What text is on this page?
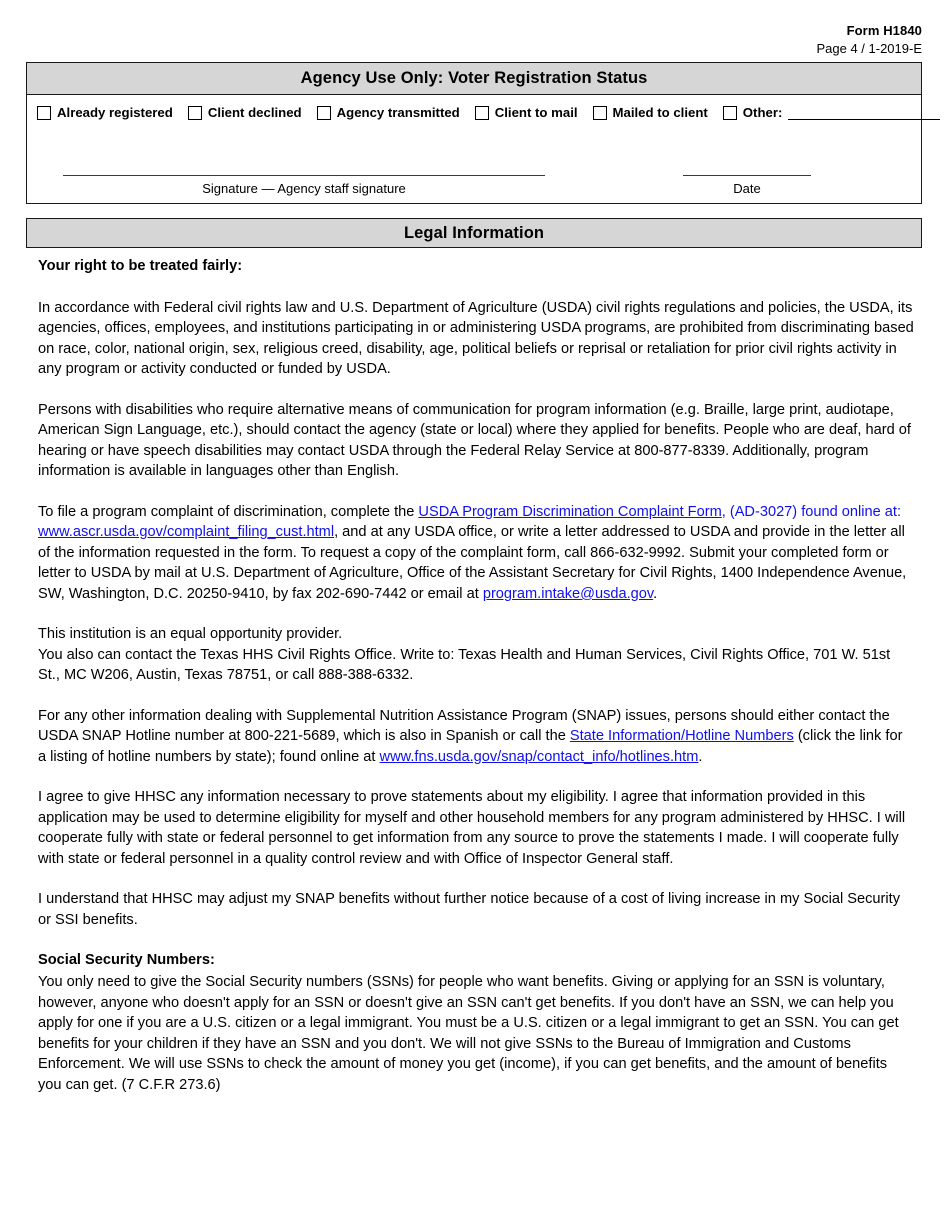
Form H1840
Page 4 / 1-2019-E
Agency Use Only: Voter Registration Status
Already registered	Client declined	Agency transmitted	Client to mail	Mailed to client	Other:
Signature — Agency staff signature	Date
Legal Information
Your right to be treated fairly:

In accordance with Federal civil rights law and U.S. Department of Agriculture (USDA) civil rights regulations and policies, the USDA, its agencies, offices, employees, and institutions participating in or administering USDA programs, are prohibited from discriminating based on race, color, national origin, sex, religious creed, disability, age, political beliefs or reprisal or retaliation for prior civil rights activity in any program or activity conducted or funded by USDA.

Persons with disabilities who require alternative means of communication for program information (e.g. Braille, large print, audiotape, American Sign Language, etc.), should contact the agency (state or local) where they applied for benefits. People who are deaf, hard of hearing or have speech disabilities may contact USDA through the Federal Relay Service at 800-877-8339. Additionally, program information is available in languages other than English.

To file a program complaint of discrimination, complete the USDA Program Discrimination Complaint Form, (AD-3027) found online at: www.ascr.usda.gov/complaint_filing_cust.html, and at any USDA office, or write a letter addressed to USDA and provide in the letter all of the information requested in the form. To request a copy of the complaint form, call 866-632-9992. Submit your completed form or letter to USDA by mail at U.S. Department of Agriculture, Office of the Assistant Secretary for Civil Rights, 1400 Independence Avenue, SW, Washington, D.C. 20250-9410, by fax 202-690-7442 or email at program.intake@usda.gov.

This institution is an equal opportunity provider.

You also can contact the Texas HHS Civil Rights Office. Write to: Texas Health and Human Services, Civil Rights Office, 701 W. 51st St., MC W206, Austin, Texas 78751, or call 888-388-6332.

For any other information dealing with Supplemental Nutrition Assistance Program (SNAP) issues, persons should either contact the USDA SNAP Hotline number at 800-221-5689, which is also in Spanish or call the State Information/Hotline Numbers (click the link for a listing of hotline numbers by state); found online at www.fns.usda.gov/snap/contact_info/hotlines.htm.

I agree to give HHSC any information necessary to prove statements about my eligibility. I agree that information provided in this application may be used to determine eligibility for myself and other household members for any program administered by HHSC. I will cooperate fully with state or federal personnel to get information from any source to prove the statements I made. I will cooperate fully with state or federal personnel in a quality control review and with Office of Inspector General staff.

I understand that HHSC may adjust my SNAP benefits without further notice because of a cost of living increase in my Social Security or SSI benefits.

Social Security Numbers:

You only need to give the Social Security numbers (SSNs) for people who want benefits. Giving or applying for an SSN is voluntary, however, anyone who doesn't apply for an SSN or doesn't give an SSN can't get benefits. If you don't have an SSN, we can help you apply for one if you are a U.S. citizen or a legal immigrant. You must be a U.S. citizen or a legal immigrant to get an SSN. You can get benefits for your children if they have an SSN and you don't. We will not give SSNs to the Bureau of Immigration and Customs Enforcement. We will use SSNs to check the amount of money you get (income), if you can get benefits, and the amount of benefits you can get. (7 C.F.R 273.6)
